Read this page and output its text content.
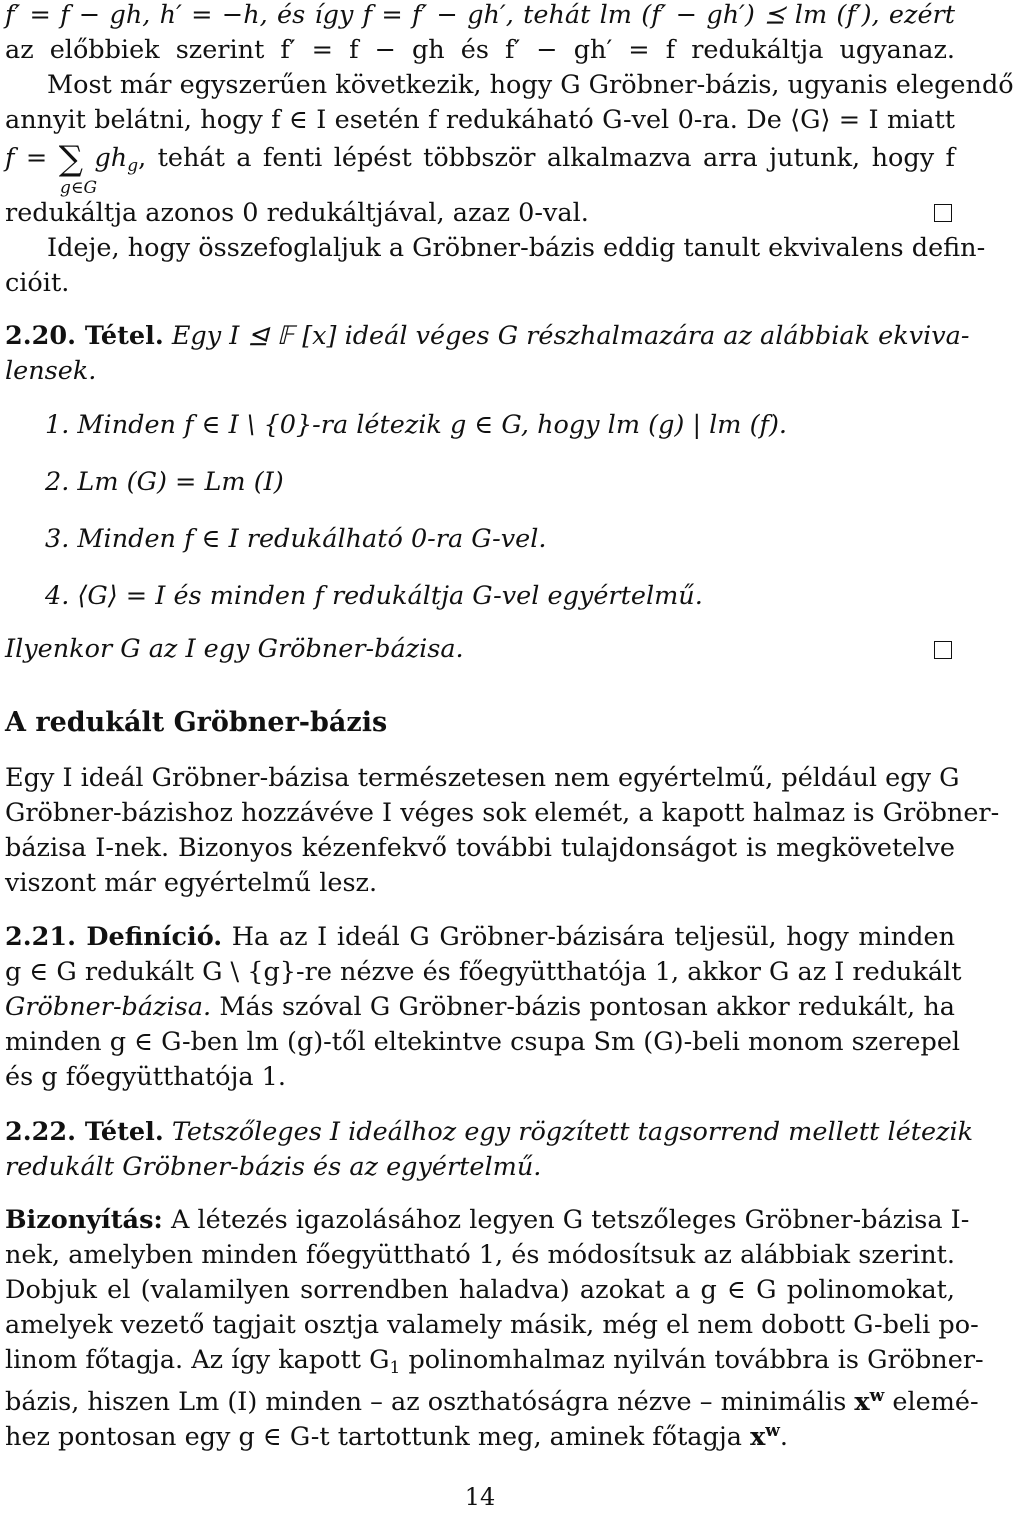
f′ = f − gh, h′ = −h, és így f = f′ − gh′, tehát lm (f′ − gh′) ⪯ lm (f′), ezért
az előbbiek szerint f′ = f − gh és f′ − gh′ = f redukáltja ugyanaz.
Most már egyszerűen következik, hogy G Gröbner-bázis, ugyanis elegendő
annyit belátni, hogy f ∈ I esetén f redukáható G-vel 0-ra. De ⟨G⟩ = I miatt
f = ∑ $gh_g$, tehát a fenti lépést többször alkalmazva arra jutunk, hogy f
g∈G
redukáltja azonos 0 redukáltjával, azaz 0-val.
Ideje, hogy összefoglaljuk a Gröbner-bázis eddig tanult ekvivalens defin-
cióit.
2.20. Tétel. Egy I ⊴ 𝔽 [x] ideál véges G részhalmazára az alábbiak ekviva-
lensek.
1. Minden f ∈ I \ {0}-ra létezik g ∈ G, hogy lm (g) | lm (f).
2. Lm (G) = Lm (I)
3. Minden f ∈ I redukálható 0-ra G-vel.
4. ⟨G⟩ = I és minden f redukáltja G-vel egyértelmű.
Ilyenkor G az I egy Gröbner-bázisa.
A redukált Gröbner-bázis
Egy I ideál Gröbner-bázisa természetesen nem egyértelmű, például egy G
Gröbner-bázishoz hozzávéve I véges sok elemét, a kapott halmaz is Gröbner-
bázisa I-nek. Bizonyos kézenfekvő további tulajdonságot is megkövetelve
viszont már egyértelmű lesz.
2.21. Definíció. Ha az I ideál G Gröbner-bázisára teljesül, hogy minden
g ∈ G redukált G \ {g}-re nézve és főegyütthatója 1, akkor G az I redukált
Gröbner-bázisa. Más szóval G Gröbner-bázis pontosan akkor redukált, ha
minden g ∈ G-ben lm (g)-től eltekintve csupa Sm (G)-beli monom szerepel
és g főegyütthatója 1.
2.22. Tétel. Tetszőleges I ideálhoz egy rögzített tagsorrend mellett létezik
redukált Gröbner-bázis és az egyértelmű.
Bizonyítás: A létezés igazolásához legyen G tetszőleges Gröbner-bázisa I-
nek, amelyben minden főegyüttható 1, és módosítsuk az alábbiak szerint.
Dobjuk el (valamilyen sorrendben haladva) azokat a g ∈ G polinomokat,
amelyek vezető tagjait osztja valamely másik, még el nem dobott G-beli po-
linom főtagja. Az így kapott $G_1$ polinomhalmaz nyilván továbbra is Gröbner-
bázis, hiszen Lm (I) minden – az oszthatóságra nézve – minimális $x^w$ elemé-
hez pontosan egy g ∈ G-t tartottunk meg, aminek főtagja $x^w$.
14
